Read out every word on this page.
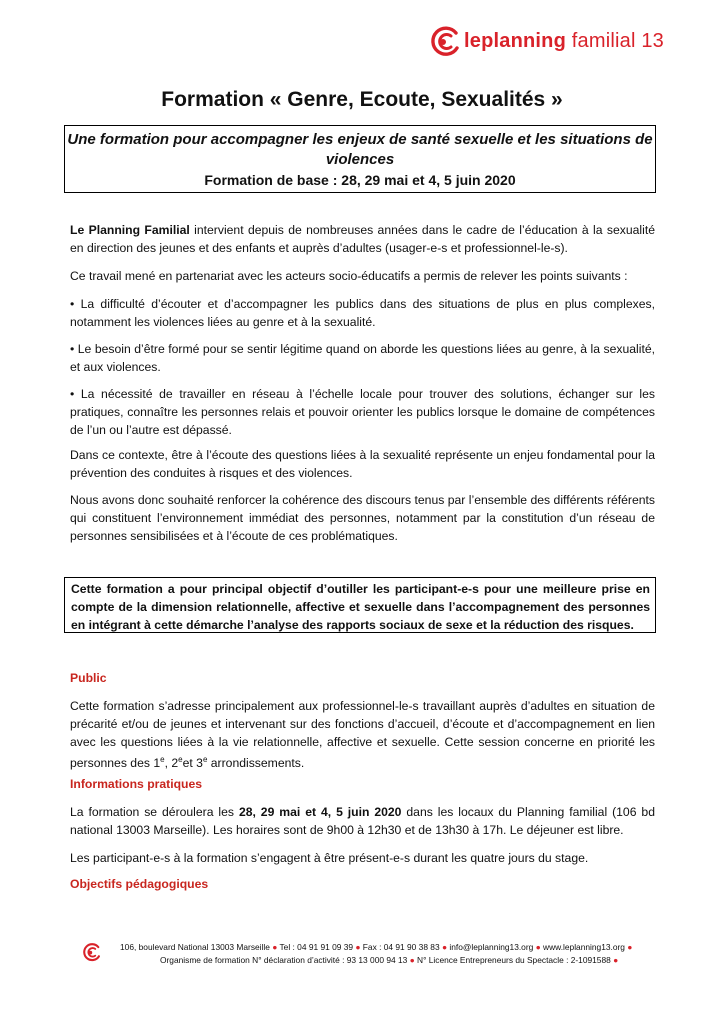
leplanning familial 13
Formation « Genre, Ecoute, Sexualités »
Une formation pour accompagner les enjeux de santé sexuelle et les situations de violences
Formation de base : 28, 29 mai et 4, 5 juin 2020
Le Planning Familial intervient depuis de nombreuses années dans le cadre de l’éducation à la sexualité en direction des jeunes et des enfants et auprès d’adultes (usager-e-s et professionnel-le-s).
Ce travail mené en partenariat avec les acteurs socio-éducatifs a permis de relever les points suivants :
• La difficulté d’écouter et d’accompagner les publics dans des situations de plus en plus complexes, notamment les violences liées au genre et à la sexualité.
• Le besoin d’être formé pour se sentir légitime quand on aborde les questions liées au genre, à la sexualité, et aux violences.
• La nécessité de travailler en réseau à l’échelle locale pour trouver des solutions, échanger sur les pratiques, connaître les personnes relais et pouvoir orienter les publics lorsque le domaine de compétences de l’un ou l’autre est dépassé.
Dans ce contexte, être à l’écoute des questions liées à la sexualité représente un enjeu fondamental pour la prévention des conduites à risques et des violences.
Nous avons donc souhaité renforcer la cohérence des discours tenus par l’ensemble des différents référents qui constituent l’environnement immédiat des personnes, notamment par la constitution d’un réseau de personnes sensibilisées et à l’écoute de ces problématiques.
Cette formation a pour principal objectif d’outiller les participant-e-s pour une meilleure prise en compte de la dimension relationnelle, affective et sexuelle dans l’accompagnement des personnes en intégrant à cette démarche l’analyse des rapports sociaux de sexe et la réduction des risques.
Public
Cette formation s’adresse principalement aux professionnel-le-s travaillant auprès d’adultes en situation de précarité et/ou de jeunes et intervenant sur des fonctions d’accueil, d’écoute et d’accompagnement en lien avec les questions liées à la vie relationnelle, affective et sexuelle. Cette session concerne en priorité les personnes des 1e, 2eet 3e arrondissements.
Informations pratiques
La formation se déroulera les 28, 29 mai et 4, 5 juin 2020 dans les locaux du Planning familial (106 bd national 13003 Marseille). Les horaires sont de 9h00 à 12h30 et de 13h30 à 17h. Le déjeuner est libre.
Les participant-e-s à la formation s’engagent à être présent-e-s durant les quatre jours du stage.
Objectifs pédagogiques
106, boulevard National 13003 Marseille ● Tel : 04 91 91 09 39 ● Fax : 04 91 90 38 83 ● info@leplanning13.org ● www.leplanning13.org ●
Organisme de formation N° déclaration d’activité : 93 13 000 94 13 ● N° Licence Entrepreneurs du Spectacle : 2-1091588 ●
